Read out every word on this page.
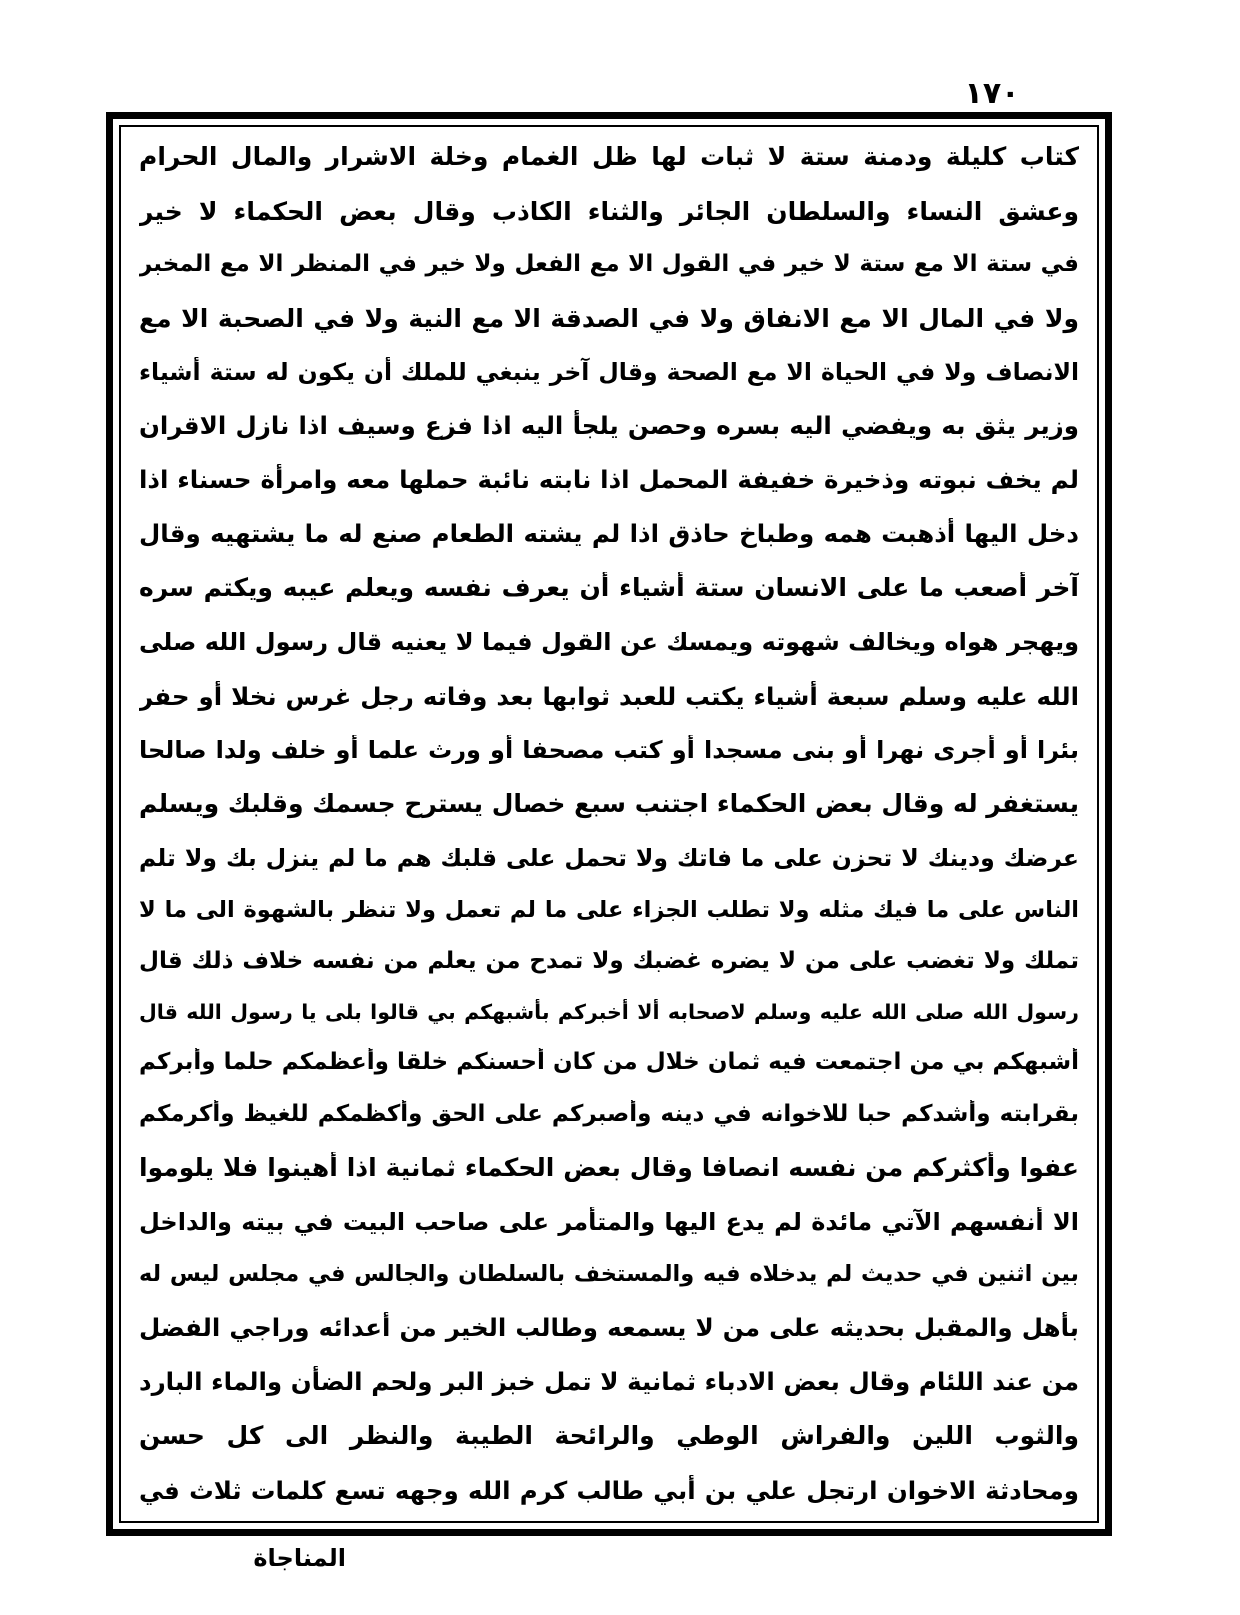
١٧٠
كتاب كليلة ودمنة ستة لا ثبات لها ظل الغمام وخلة الاشرار والمال الحرام
وعشق النساء والسلطان الجائر والثناء الكاذب وقال بعض الحكماء لا خير
في ستة الا مع ستة لا خير في القول الا مع الفعل ولا خير في المنظر الا مع المخبر
ولا في المال الا مع الانفاق ولا في الصدقة الا مع النية ولا في الصحبة الا مع
الانصاف ولا في الحياة الا مع الصحة وقال آخر ينبغي للملك أن يكون له ستة أشياء
وزير يثق به ويفضي اليه بسره وحصن يلجأ اليه اذا فزع وسيف اذا نازل الاقران
لم يخف نبوته وذخيرة خفيفة المحمل اذا نابته نائبة حملها معه وامرأة حسناء اذا
دخل اليها أذهبت همه وطباخ حاذق اذا لم يشته الطعام صنع له ما يشتهيه وقال
آخر أصعب ما على الانسان ستة أشياء أن يعرف نفسه ويعلم عيبه ويكتم سره
ويهجر هواه ويخالف شهوته ويمسك عن القول فيما لا يعنيه قال رسول الله صلى
الله عليه وسلم سبعة أشياء يكتب للعبد ثوابها بعد وفاته رجل غرس نخلا أو حفر
بئرا أو أجرى نهرا أو بنى مسجدا أو كتب مصحفا أو ورث علما أو خلف ولدا صالحا
يستغفر له وقال بعض الحكماء اجتنب سبع خصال يسترح جسمك وقلبك ويسلم
عرضك ودينك لا تحزن على ما فاتك ولا تحمل على قلبك هم ما لم ينزل بك ولا تلم
الناس على ما فيك مثله ولا تطلب الجزاء على ما لم تعمل ولا تنظر بالشهوة الى ما لا
تملك ولا تغضب على من لا يضره غضبك ولا تمدح من يعلم من نفسه خلاف ذلك قال
رسول الله صلى الله عليه وسلم لاصحابه ألا أخبركم بأشبهكم بي قالوا بلى يا رسول الله قال
أشبهكم بي من اجتمعت فيه ثمان خلال من كان أحسنكم خلقا وأعظمكم حلما وأبركم
بقرابته وأشدكم حبا للاخوانه في دينه وأصبركم على الحق وأكظمكم للغيظ وأكرمكم
عفوا وأكثركم من نفسه انصافا وقال بعض الحكماء ثمانية اذا أهينوا فلا يلوموا
الا أنفسهم الآتي مائدة لم يدع اليها والمتأمر على صاحب البيت في بيته والداخل
بين اثنين في حديث لم يدخلاه فيه والمستخف بالسلطان والجالس في مجلس ليس له
بأهل والمقبل بحديثه على من لا يسمعه وطالب الخير من أعدائه وراجي الفضل
من عند اللئام وقال بعض الادباء ثمانية لا تمل خبز البر ولحم الضأن والماء البارد
والثوب اللين والفراش الوطي والرائحة الطيبة والنظر الى كل حسن
ومحادثة الاخوان ارتجل علي بن أبي طالب كرم الله وجهه تسع كلمات ثلاث في
المناجاة
